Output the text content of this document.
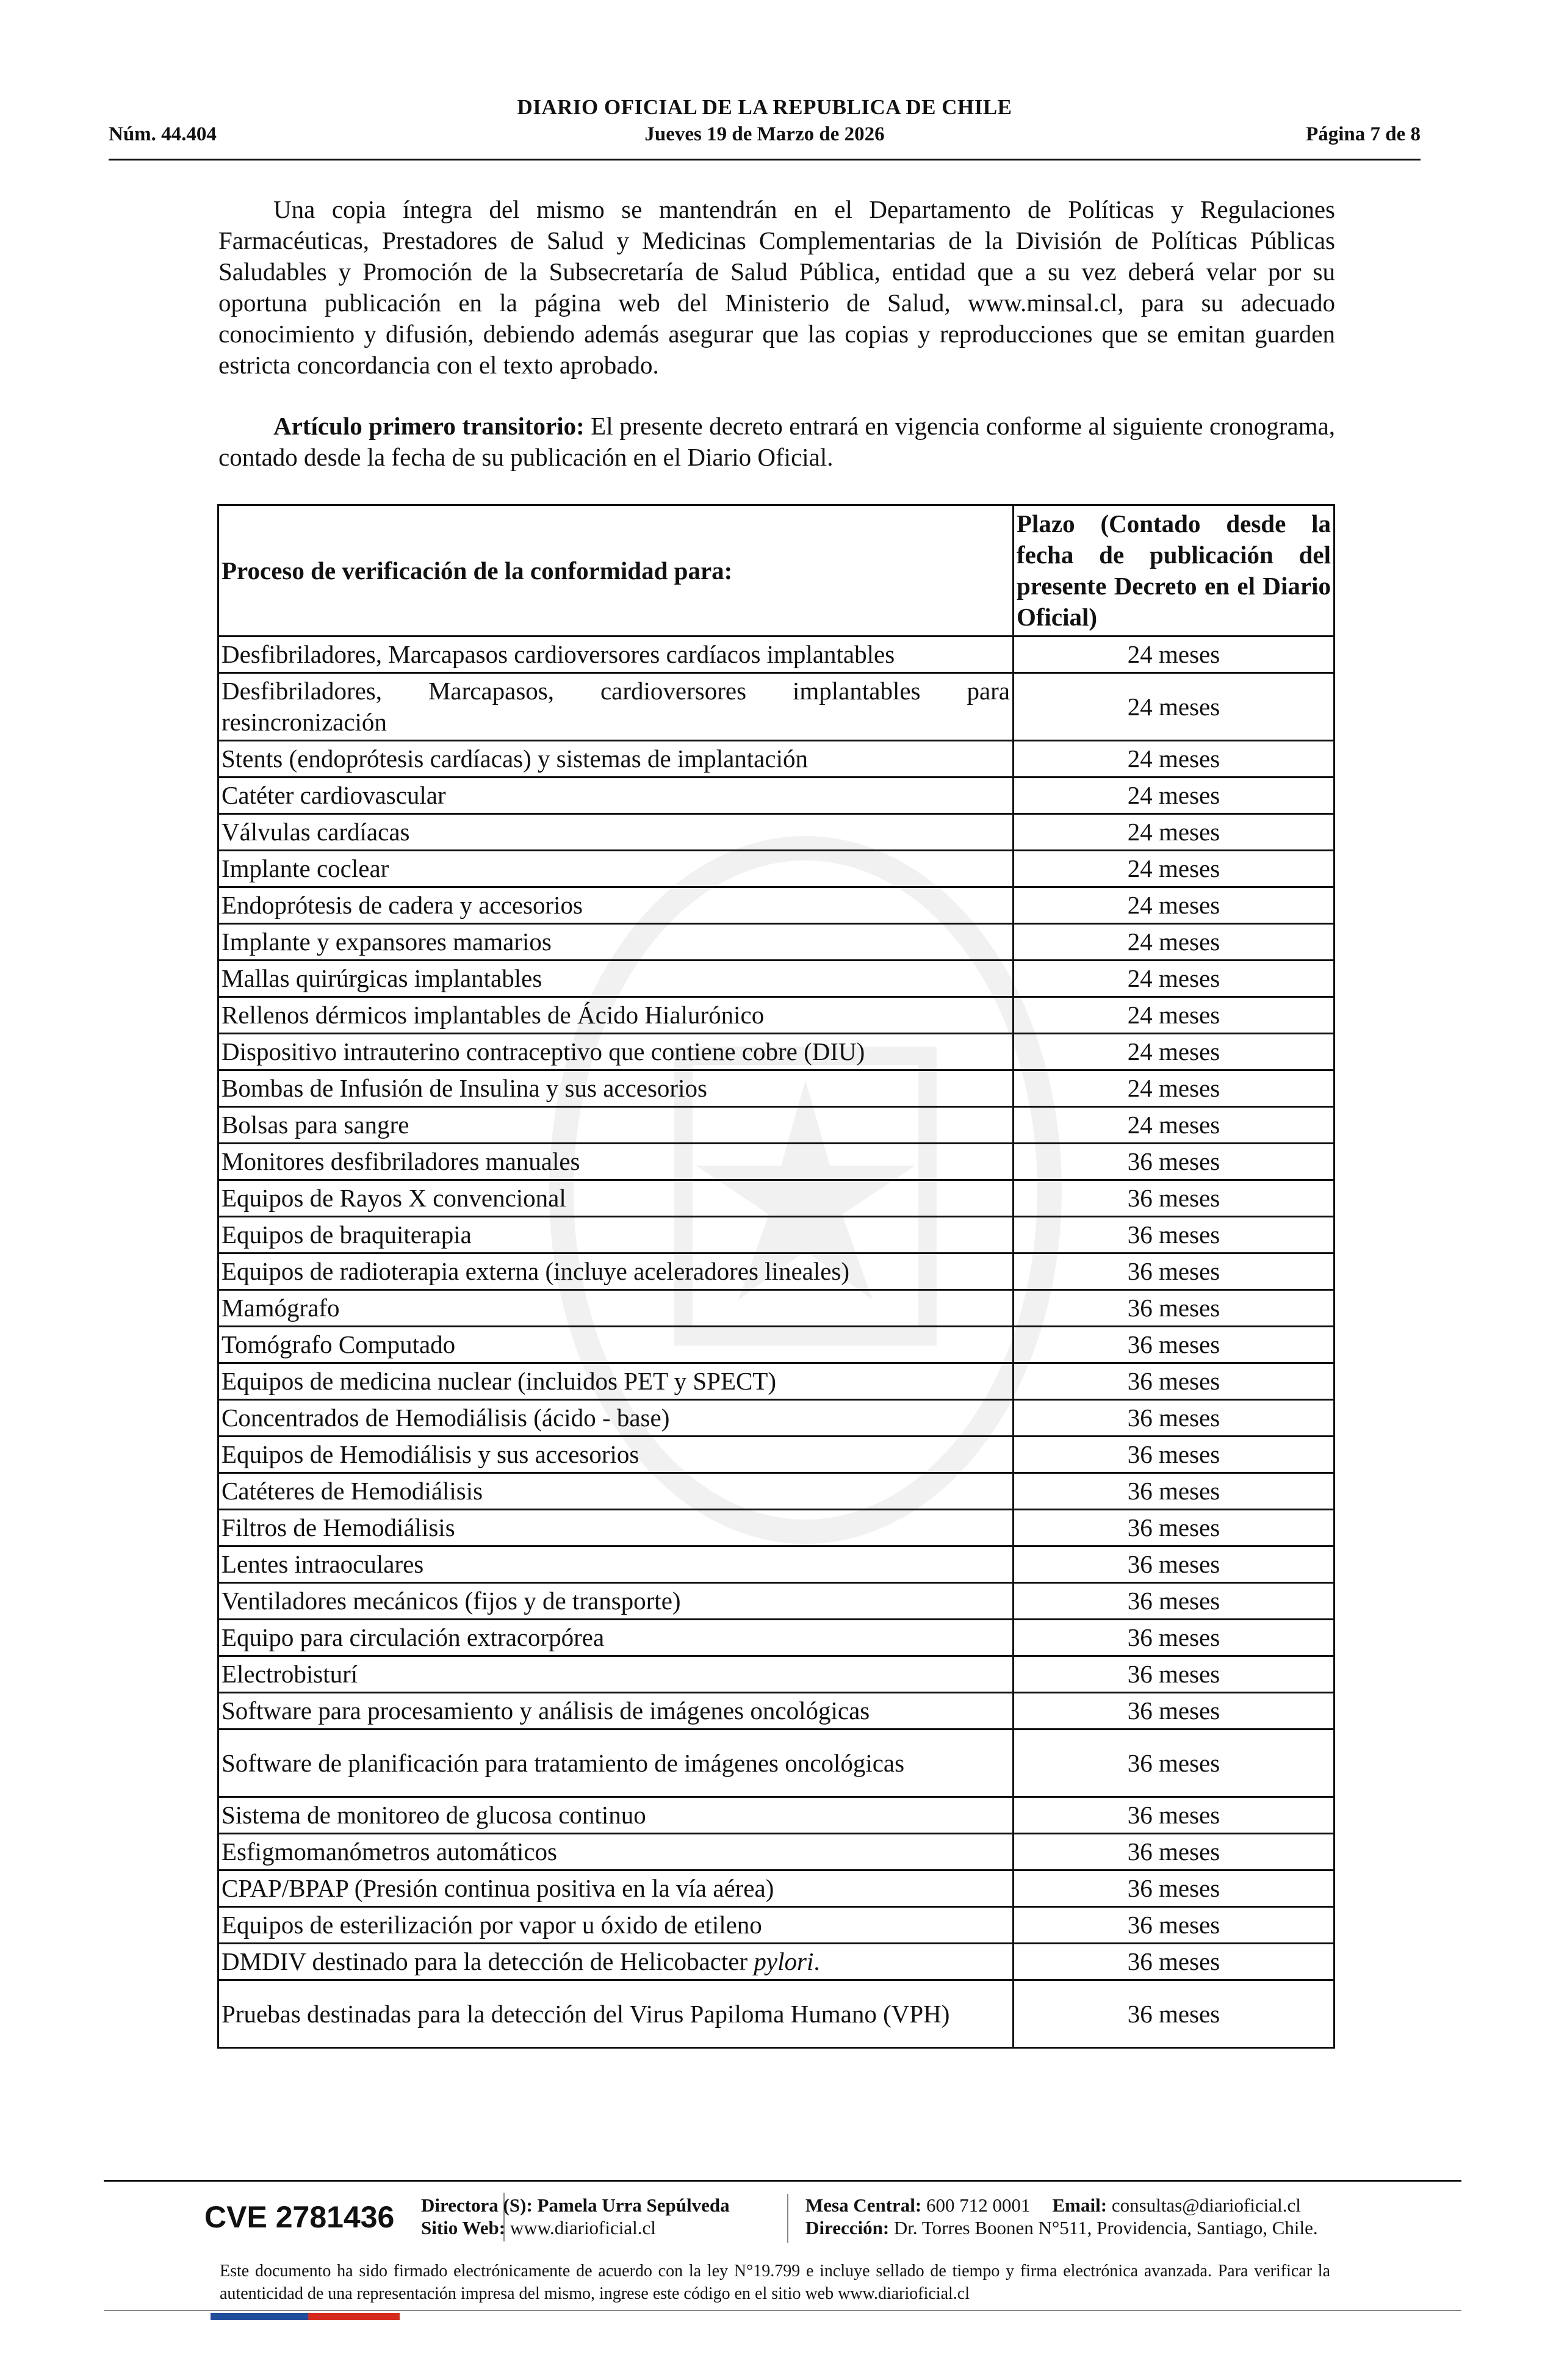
DIARIO OFICIAL DE LA REPUBLICA DE CHILE
Núm. 44.404	Jueves 19 de Marzo de 2026	Página 7 de 8
Una copia íntegra del mismo se mantendrán en el Departamento de Políticas y Regulaciones Farmacéuticas, Prestadores de Salud y Medicinas Complementarias de la División de Políticas Públicas Saludables y Promoción de la Subsecretaría de Salud Pública, entidad que a su vez deberá velar por su oportuna publicación en la página web del Ministerio de Salud, www.minsal.cl, para su adecuado conocimiento y difusión, debiendo además asegurar que las copias y reproducciones que se emitan guarden estricta concordancia con el texto aprobado.
Artículo primero transitorio: El presente decreto entrará en vigencia conforme al siguiente cronograma, contado desde la fecha de su publicación en el Diario Oficial.
Proceso de verificación de la conformidad para:	Plazo (Contado desde la fecha de publicación del presente Decreto en el Diario Oficial)
Desfibriladores, Marcapasos cardioversores cardíacos implantables	24 meses
Desfibriladores, Marcapasos, cardioversores implantables para resincronización	24 meses
Stents (endoprótesis cardíacas) y sistemas de implantación	24 meses
Catéter cardiovascular	24 meses
Válvulas cardíacas	24 meses
Implante coclear	24 meses
Endoprótesis de cadera y accesorios	24 meses
Implante y expansores mamarios	24 meses
Mallas quirúrgicas implantables	24 meses
Rellenos dérmicos implantables de Ácido Hialurónico	24 meses
Dispositivo intrauterino contraceptivo que contiene cobre (DIU)	24 meses
Bombas de Infusión de Insulina y sus accesorios	24 meses
Bolsas para sangre	24 meses
Monitores desfibriladores manuales	36 meses
Equipos de Rayos X convencional	36 meses
Equipos de braquiterapia	36 meses
Equipos de radioterapia externa (incluye aceleradores lineales)	36 meses
Mamógrafo	36 meses
Tomógrafo Computado	36 meses
Equipos de medicina nuclear (incluidos PET y SPECT)	36 meses
Concentrados de Hemodiálisis (ácido - base)	36 meses
Equipos de Hemodiálisis y sus accesorios	36 meses
Catéteres de Hemodiálisis	36 meses
Filtros de Hemodiálisis	36 meses
Lentes intraoculares	36 meses
Ventiladores mecánicos (fijos y de transporte)	36 meses
Equipo para circulación extracorpórea	36 meses
Electrobisturí	36 meses
Software para procesamiento y análisis de imágenes oncológicas	36 meses
Software de planificación para tratamiento de imágenes oncológicas	36 meses
Sistema de monitoreo de glucosa continuo	36 meses
Esfigmomanómetros automáticos	36 meses
CPAP/BPAP (Presión continua positiva en la vía aérea)	36 meses
Equipos de esterilización por vapor u óxido de etileno	36 meses
DMDIV destinado para la detección de Helicobacter pylori.	36 meses
Pruebas destinadas para la detección del Virus Papiloma Humano (VPH)	36 meses
CVE 2781436	Directora (S): Pamela Urra Sepúlveda
Sitio Web: www.diarioficial.cl
Mesa Central: 600 712 0001 Email: consultas@diarioficial.cl
Dirección: Dr. Torres Boonen N°511, Providencia, Santiago, Chile.
Este documento ha sido firmado electrónicamente de acuerdo con la ley N°19.799 e incluye sellado de tiempo y firma electrónica avanzada. Para verificar la autenticidad de una representación impresa del mismo, ingrese este código en el sitio web www.diarioficial.cl
